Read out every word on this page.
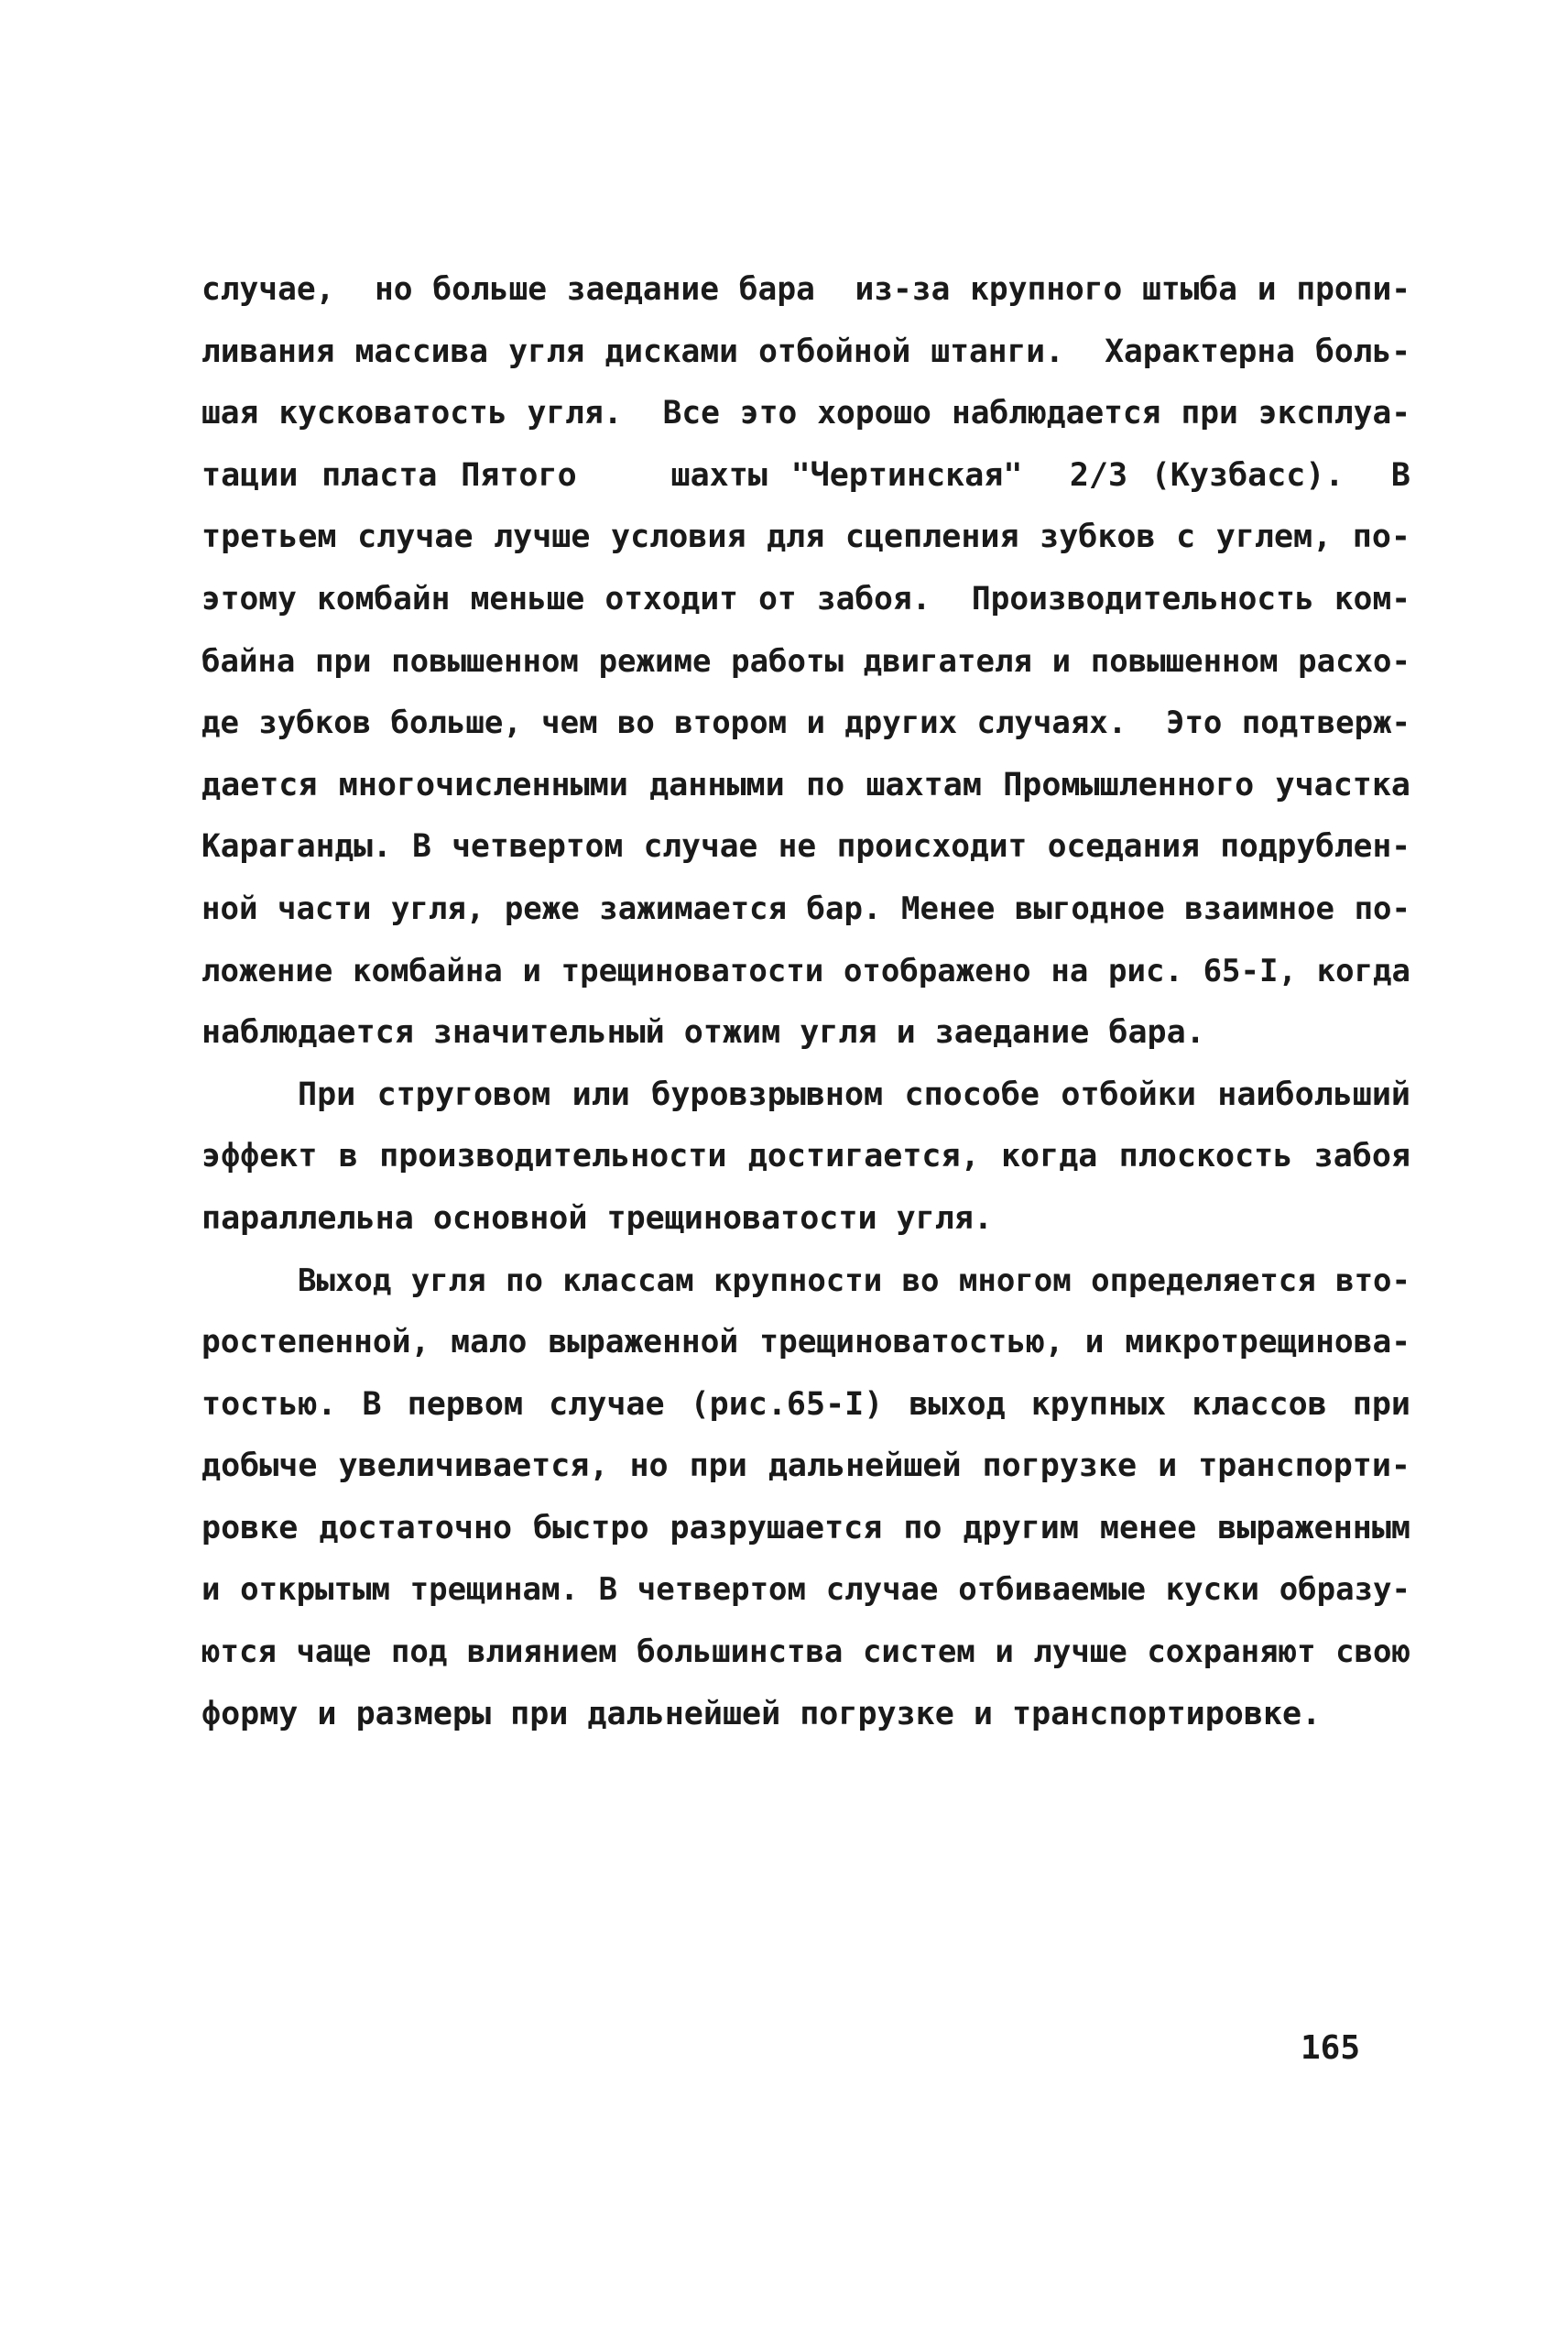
случае,  но больше заедание бара  из-за крупного штыба и пропи-
ливания массива угля дисками отбойной штанги.  Характерна боль-
шая кусковатость угля.  Все это хорошо наблюдается при эксплуа-
тации пласта Пятого    шахты "Чертинская"  2/3 (Кузбасс).  В
третьем случае лучше условия для сцепления зубков с углем, по-
этому комбайн меньше отходит от забоя.  Производительность ком-
байна при повышенном режиме работы двигателя и повышенном расхо-
де зубков больше, чем во втором и других случаях.  Это подтверж-
дается многочисленными данными по шахтам Промышленного участка
Караганды. В четвертом случае не происходит оседания подрублен-
ной части угля, реже зажимается бар. Менее выгодное взаимное по-
ложение комбайна и трещиноватости отображено на рис. 65-I, когда
наблюдается значительный отжим угля и заедание бара.
При струговом или буровзрывном способе отбойки наибольший
эффект в производительности достигается, когда плоскость забоя
параллельна основной трещиноватости угля.
Выход угля по классам крупности во многом определяется вто-
ростепенной, мало выраженной трещиноватостью, и микротрещинова-
тостью. В первом случае (рис.65-I) выход крупных классов при
добыче увеличивается, но при дальнейшей погрузке и транспорти-
ровке достаточно быстро разрушается по другим менее выраженным
и открытым трещинам. В четвертом случае отбиваемые куски образу-
ются чаще под влиянием большинства систем и лучше сохраняют свою
форму и размеры при дальнейшей погрузке и транспортировке.
165
